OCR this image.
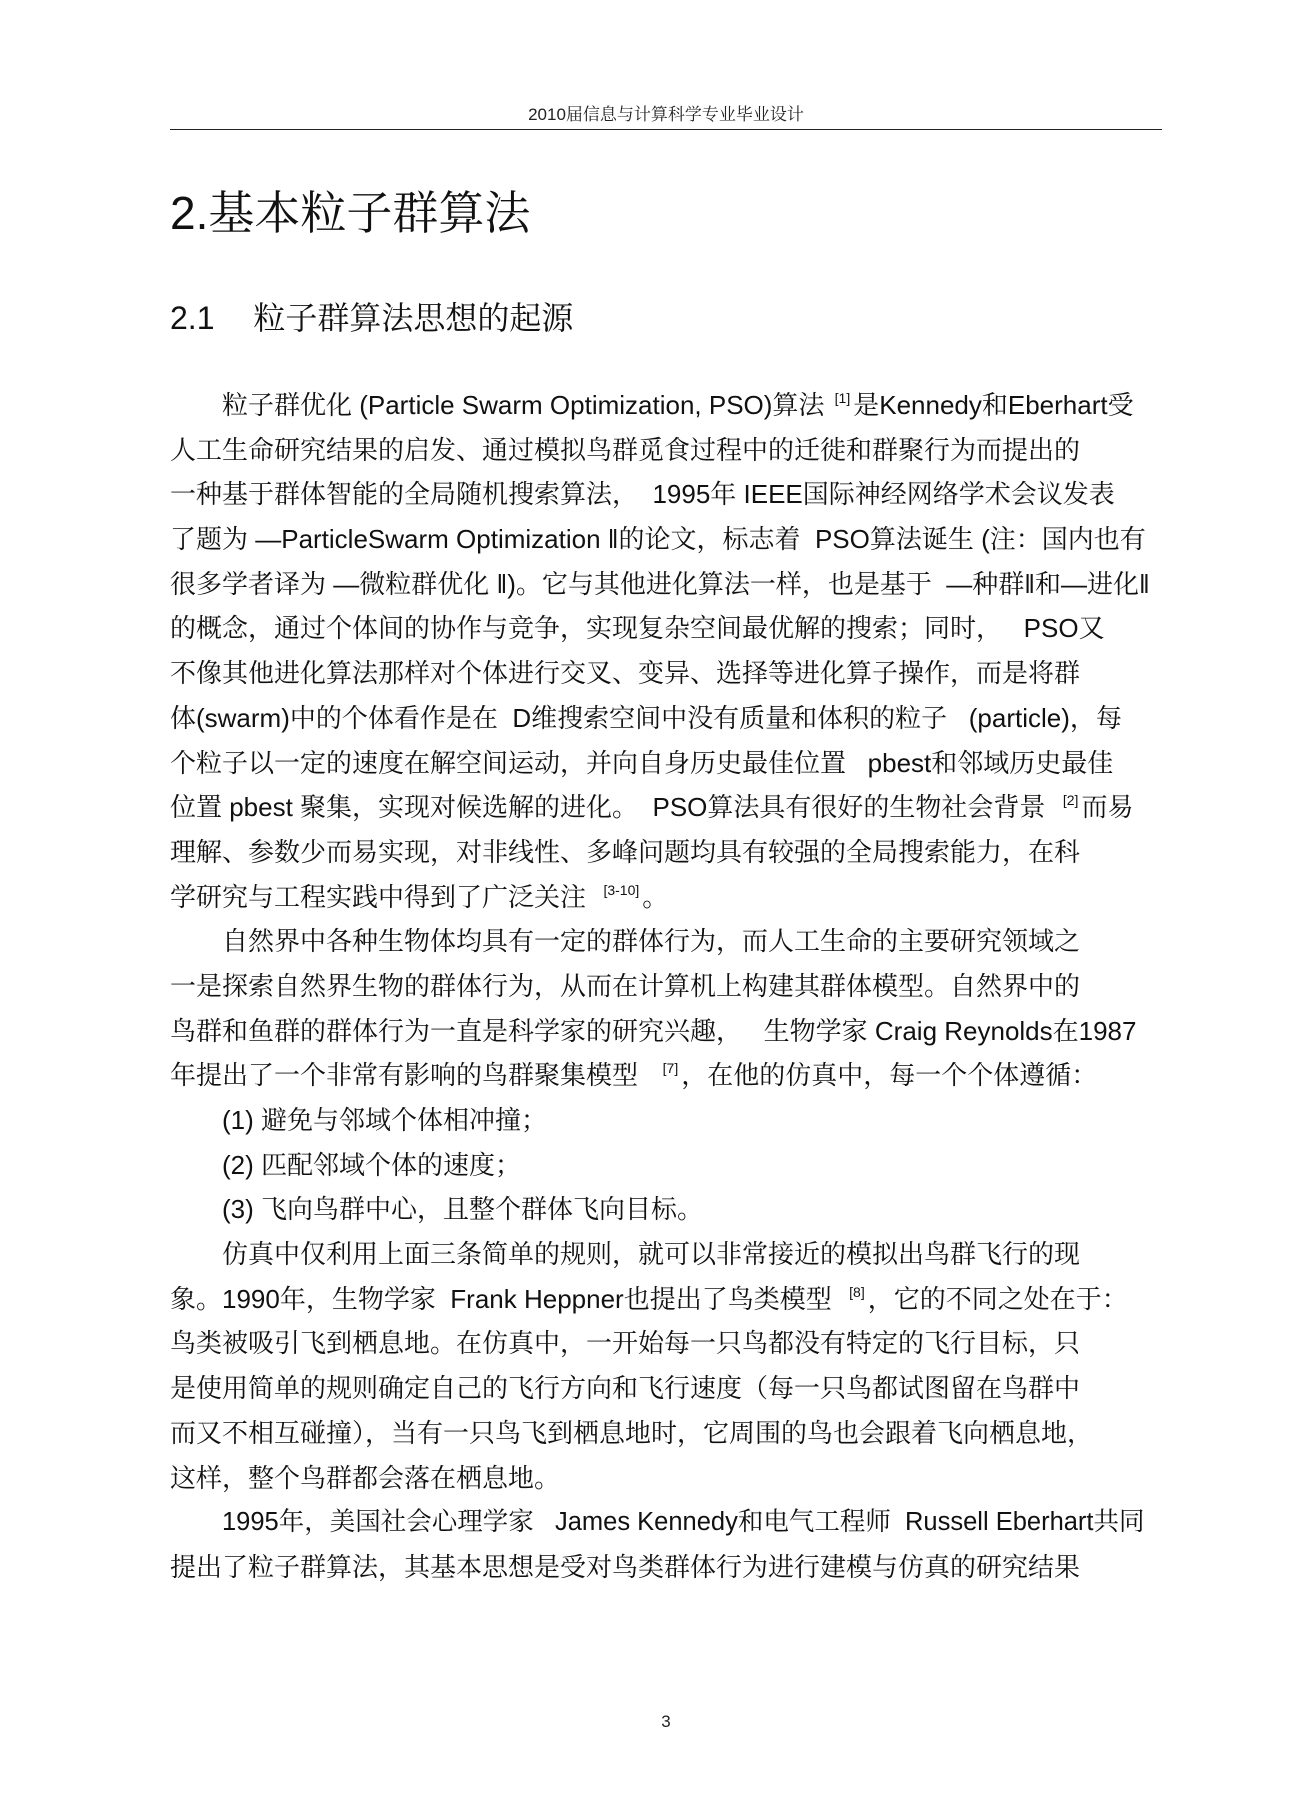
2010届信息与计算科学专业毕业设计
2.基本粒子群算法
2.1 粒子群算法思想的起源
粒子群优化 (Particle Swarm Optimization, PSO)算法 [1] 是Kennedy和Eberhart受
人工生命研究结果的启发、通过模拟鸟群觅食过程中的迁徙和群聚行为而提出的
一种基于群体智能的全局随机搜索算法，  1995年 IEEE国际神经网络学术会议发表
了题为 —ParticleSwarm Optimization ‖的论文，标志着  PSO算法诞生 (注：国内也有
很多学者译为 —微粒群优化 ‖)。它与其他进化算法一样，也是基于  —种群‖和—进化‖
的概念，通过个体间的协作与竞争，实现复杂空间最优解的搜索；同时，   PSO又
不像其他进化算法那样对个体进行交叉、变异、选择等进化算子操作，而是将群
体(swarm)中的个体看作是在  D维搜索空间中没有质量和体积的粒子   (particle)，每
个粒子以一定的速度在解空间运动，并向自身历史最佳位置   pbest和邻域历史最佳
位置 pbest 聚集，实现对候选解的进化。  PSO算法具有很好的生物社会背景  [2] 而易
理解、参数少而易实现，对非线性、多峰问题均具有较强的全局搜索能力，在科
学研究与工程实践中得到了广泛关注  [3-10] 。
自然界中各种生物体均具有一定的群体行为，而人工生命的主要研究领域之
一是探索自然界生物的群体行为，从而在计算机上构建其群体模型。自然界中的
鸟群和鱼群的群体行为一直是科学家的研究兴趣，   生物学家 Craig Reynolds在1987
年提出了一个非常有影响的鸟群聚集模型   [7] ，在他的仿真中，每一个个体遵循：
(1) 避免与邻域个体相冲撞；
(2) 匹配邻域个体的速度；
(3) 飞向鸟群中心，且整个群体飞向目标。
仿真中仅利用上面三条简单的规则，就可以非常接近的模拟出鸟群飞行的现
象。1990年，生物学家  Frank Heppner也提出了鸟类模型  [8] ，它的不同之处在于：
鸟类被吸引飞到栖息地。在仿真中，一开始每一只鸟都没有特定的飞行目标，只
是使用简单的规则确定自己的飞行方向和飞行速度（每一只鸟都试图留在鸟群中
而又不相互碰撞），当有一只鸟飞到栖息地时，它周围的鸟也会跟着飞向栖息地，
这样，整个鸟群都会落在栖息地。
1995年，美国社会心理学家   James Kennedy和电气工程师  Russell Eberhart共同
提出了粒子群算法，其基本思想是受对鸟类群体行为进行建模与仿真的研究结果
3
